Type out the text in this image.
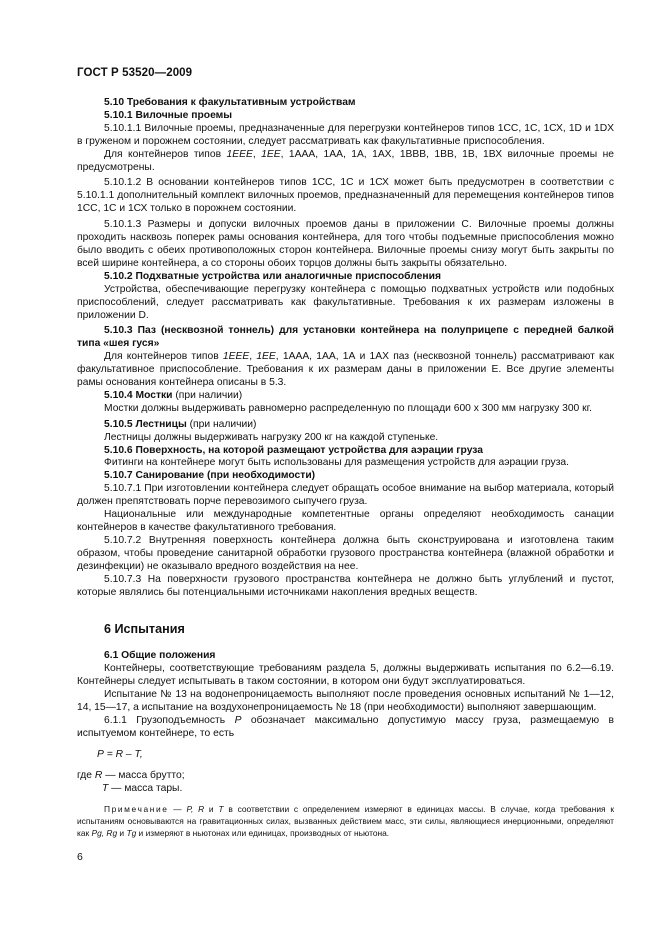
ГОСТ Р 53520—2009

5.10 Требования к факультативным устройствам

5.10.1 Вилочные проемы

5.10.1.1 Вилочные проемы, предназначенные для перегрузки контейнеров типов 1СС, 1С, 1СХ, 1D и 1DX в груженом и порожнем состоянии, следует рассматривать как факультативные приспособления.

Для контейнеров типов 1EEE, 1EE, 1ААА, 1АА, 1А, 1АХ, 1ВВВ, 1ВВ, 1В, 1ВХ вилочные проемы не предусмотрены.

5.10.1.2 В основании контейнеров типов 1СС, 1С и 1СХ может быть предусмотрен в соответствии с 5.10.1.1 дополнительный комплект вилочных проемов, предназначенный для перемещения контейнеров типов 1СС, 1С и 1СХ только в порожнем состоянии.

5.10.1.3 Размеры и допуски вилочных проемов даны в приложении С. Вилочные проемы должны проходить насквозь поперек рамы основания контейнера, для того чтобы подъемные приспособления можно было вводить с обеих противоположных сторон контейнера. Вилочные проемы снизу могут быть закрыты по всей ширине контейнера, а со стороны обоих торцов должны быть закрыты обязательно.

5.10.2 Подхватные устройства или аналогичные приспособления

Устройства, обеспечивающие перегрузку контейнера с помощью подхватных устройств или подобных приспособлений, следует рассматривать как факультативные. Требования к их размерам изложены в приложении D.

5.10.3 Паз (несквозной тоннель) для установки контейнера на полуприцепе с передней балкой типа «шея гуся»

Для контейнеров типов 1EEE, 1EE, 1ААА, 1АА, 1А и 1АХ паз (несквозной тоннель) рассматривают как факультативное приспособление. Требования к их размерам даны в приложении Е. Все другие элементы рамы основания контейнера описаны в 5.3.

5.10.4 Мостки (при наличии)

Мостки должны выдерживать равномерно распределенную по площади 600 х 300 мм нагрузку 300 кг.

5.10.5 Лестницы (при наличии)

Лестницы должны выдерживать нагрузку 200 кг на каждой ступеньке.

5.10.6 Поверхность, на которой размещают устройства для аэрации груза

Фитинги на контейнере могут быть использованы для размещения устройств для аэрации груза.

5.10.7 Санирование (при необходимости)

5.10.7.1 При изготовлении контейнера следует обращать особое внимание на выбор материала, который должен препятствовать порче перевозимого сыпучего груза.

Национальные или международные компетентные органы определяют необходимость санации контейнеров в качестве факультативного требования.

5.10.7.2 Внутренняя поверхность контейнера должна быть сконструирована и изготовлена таким образом, чтобы проведение санитарной обработки грузового пространства контейнера (влажной обработки и дезинфекции) не оказывало вредного воздействия на нее.

5.10.7.3 На поверхности грузового пространства контейнера не должно быть углублений и пустот, которые являлись бы потенциальными источниками накопления вредных веществ.

6 Испытания

6.1 Общие положения

Контейнеры, соответствующие требованиям раздела 5, должны выдерживать испытания по 6.2—6.19. Контейнеры следует испытывать в таком состоянии, в котором они будут эксплуатироваться.

Испытание № 13 на водонепроницаемость выполняют после проведения основных испытаний № 1—12, 14, 15—17, а испытание на воздухонепроницаемость № 18 (при необходимости) выполняют завершающим.

6.1.1 Грузоподъемность Р обозначает максимально допустимую массу груза, размещаемую в испытуемом контейнере, то есть

Р = R – T,

где R — масса брутто;

T — масса тары.

Примечание — P, R и T в соответствии с определением измеряют в единицах массы. В случае, когда требования к испытаниям основываются на гравитационных силах, вызванных действием масс, эти силы, являющиеся инерционными, определяют как Pg, Rg и Tg и измеряют в ньютонах или единицах, производных от ньютона.

6
